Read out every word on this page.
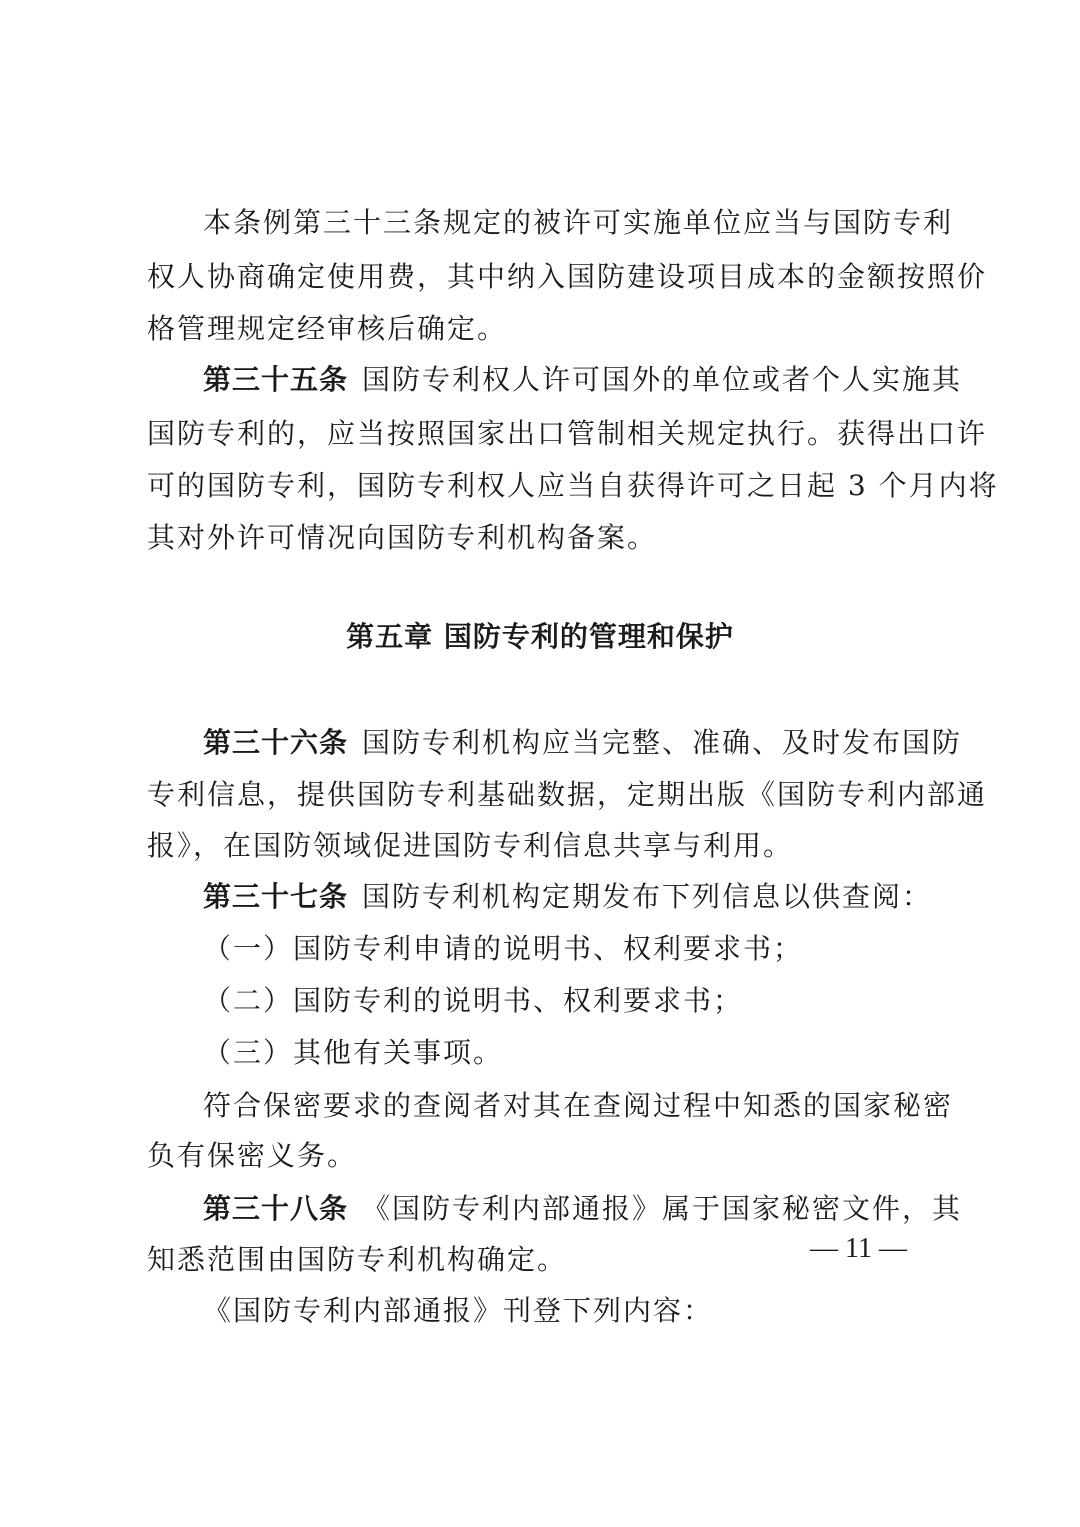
本条例第三十三条规定的被许可实施单位应当与国防专利
权人协商确定使用费，其中纳入国防建设项目成本的金额按照价
格管理规定经审核后确定。
第三十五条 国防专利权人许可国外的单位或者个人实施其
国防专利的，应当按照国家出口管制相关规定执行。获得出口许
可的国防专利，国防专利权人应当自获得许可之日起 3 个月内将
其对外许可情况向国防专利机构备案。
第五章 国防专利的管理和保护
第三十六条 国防专利机构应当完整、准确、及时发布国防
专利信息，提供国防专利基础数据，定期出版《国防专利内部通
报》，在国防领域促进国防专利信息共享与利用。
第三十七条 国防专利机构定期发布下列信息以供查阅：
（一）国防专利申请的说明书、权利要求书；
（二）国防专利的说明书、权利要求书；
（三）其他有关事项。
符合保密要求的查阅者对其在查阅过程中知悉的国家秘密
负有保密义务。
第三十八条 《国防专利内部通报》属于国家秘密文件，其
知悉范围由国防专利机构确定。
《国防专利内部通报》刊登下列内容：
— 11 —
